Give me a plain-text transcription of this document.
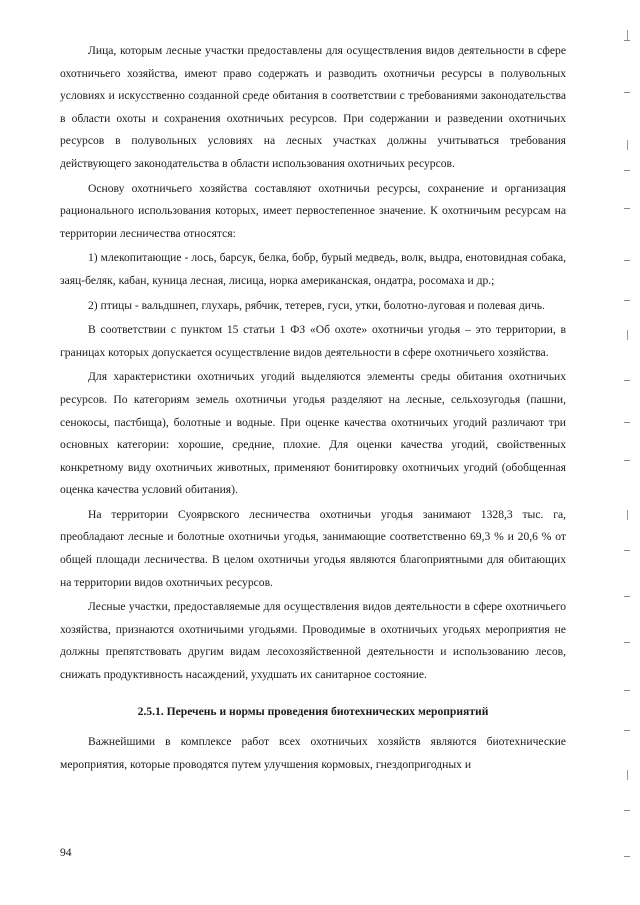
Лица, которым лесные участки предоставлены для осуществления видов деятельности в сфере охотничьего хозяйства, имеют право содержать и разводить охотничьи ресурсы в полувольных условиях и искусственно созданной среде обитания в соответствии с требованиями законодательства в области охоты и сохранения охотничьих ресурсов. При содержании и разведении охотничьих ресурсов в полувольных условиях на лесных участках должны учитываться требования действующего законодательства в области использования охотничьих ресурсов.

Основу охотничьего хозяйства составляют охотничьи ресурсы, сохранение и организация рационального использования которых, имеет первостепенное значение. К охотничьим ресурсам на территории лесничества относятся:

1) млекопитающие - лось, барсук, белка, бобр, бурый медведь, волк, выдра, енотовидная собака, заяц-беляк, кабан, куница лесная, лисица, норка американская, ондатра, росомаха и др.;

2) птицы - вальдшнеп, глухарь, рябчик, тетерев, гуси, утки, болотно-луговая и полевая дичь.

В соответствии с пунктом 15 статьи 1 ФЗ «Об охоте» охотничьи угодья – это территории, в границах которых допускается осуществление видов деятельности в сфере охотничьего хозяйства.

Для характеристики охотничьих угодий выделяются элементы среды обитания охотничьих ресурсов. По категориям земель охотничьи угодья разделяют на лесные, сельхозугодья (пашни, сенокосы, пастбища), болотные и водные. При оценке качества охотничьих угодий различают три основных категории: хорошие, средние, плохие. Для оценки качества угодий, свойственных конкретному виду охотничьих животных, применяют бонитировку охотничьих угодий (обобщенная оценка качества условий обитания).

На территории Суоярвского лесничества охотничьи угодья занимают 1328,3 тыс. га, преобладают лесные и болотные охотничьи угодья, занимающие соответственно 69,3 % и 20,6 % от общей площади лесничества. В целом охотничьи угодья являются благоприятными для обитающих на территории видов охотничьих ресурсов.

Лесные участки, предоставляемые для осуществления видов деятельности в сфере охотничьего хозяйства, признаются охотничьими угодьями. Проводимые в охотничьих угодьях мероприятия не должны препятствовать другим видам лесохозяйственной деятельности и использованию лесов, снижать продуктивность насаждений, ухудшать их санитарное состояние.

2.5.1. Перечень и нормы проведения биотехнических мероприятий

Важнейшими в комплексе работ всех охотничьих хозяйств являются биотехнические мероприятия, которые проводятся путем улучшения кормовых, гнездопригодных и

94
